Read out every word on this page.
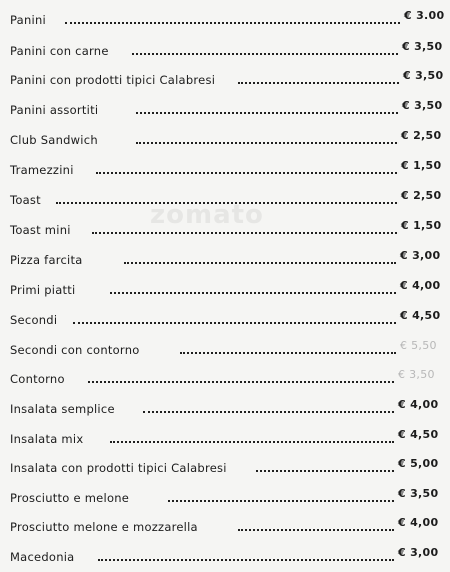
zomato
Panini	€ 3.00
Panini con carne	€ 3,50
Panini con prodotti tipici Calabresi	€ 3,50
Panini assortiti	€ 3,50
Club Sandwich	€ 2,50
Tramezzini	€ 1,50
Toast	€ 2,50
Toast mini	€ 1,50
Pizza farcita	€ 3,00
Primi piatti	€ 4,00
Secondi	€ 4,50
Secondi con contorno	€ 5,50
Contorno	€ 3,50
Insalata semplice	€ 4,00
Insalata mix	€ 4,50
Insalata con prodotti tipici Calabresi	€ 5,00
Prosciutto e melone	€ 3,50
Prosciutto melone e mozzarella	€ 4,00
Macedonia	€ 3,00
